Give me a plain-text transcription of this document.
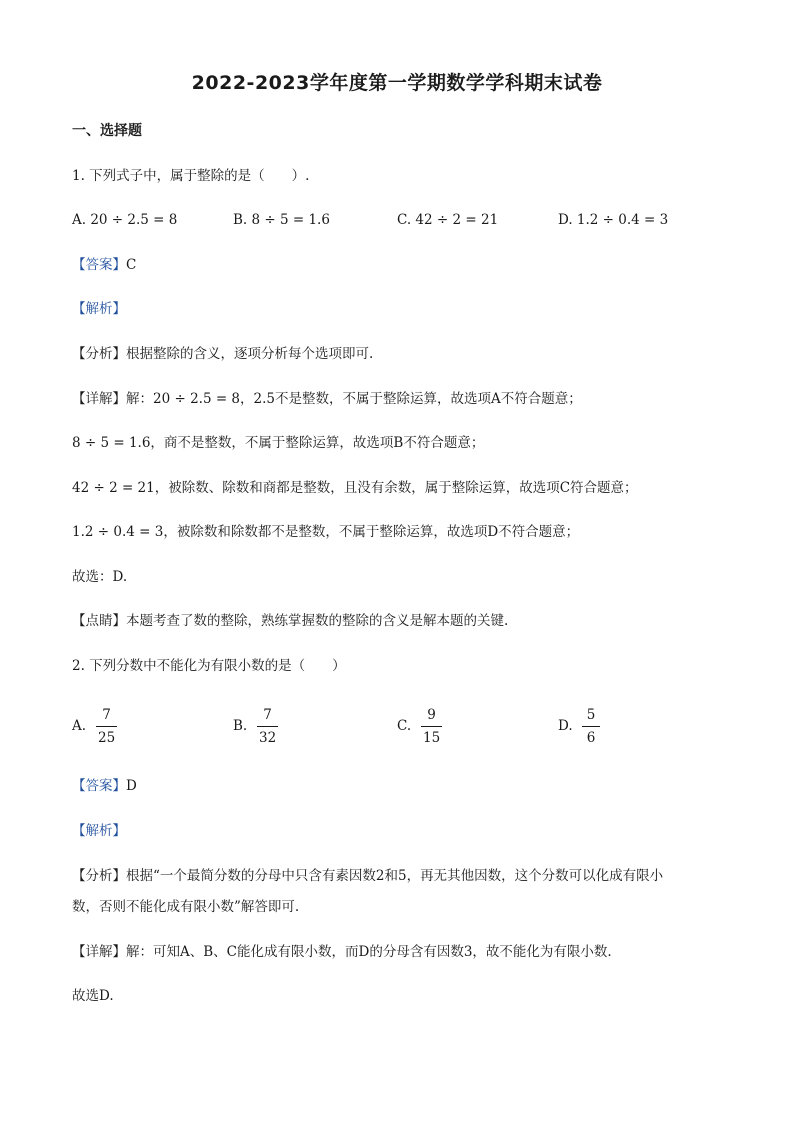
2022-2023学年度第一学期数学学科期末试卷
一、选择题
1. 下列式子中，属于整除的是（　　）.
A. 20 ÷ 2.5 = 8	B. 8 ÷ 5 = 1.6	C. 42 ÷ 2 = 21	D. 1.2 ÷ 0.4 = 3
【答案】C
【解析】
【分析】根据整除的含义，逐项分析每个选项即可.
【详解】解：20 ÷ 2.5 = 8，2.5不是整数，不属于整除运算，故选项A不符合题意；
8 ÷ 5 = 1.6，商不是整数，不属于整除运算，故选项B不符合题意；
42 ÷ 2 = 21，被除数、除数和商都是整数，且没有余数，属于整除运算，故选项C符合题意；
1.2 ÷ 0.4 = 3，被除数和除数都不是整数，不属于整除运算，故选项D不符合题意；
故选：D.
【点睛】本题考查了数的整除，熟练掌握数的整除的含义是解本题的关键.
2. 下列分数中不能化为有限小数的是（　　）
A.
7
25
B.
7
32
C.
9
15
D.
5
6
【答案】D
【解析】
【分析】根据“一个最简分数的分母中只含有素因数2和5，再无其他因数，这个分数可以化成有限小
数，否则不能化成有限小数”解答即可.
【详解】解：可知A、B、C能化成有限小数，而D的分母含有因数3，故不能化为有限小数.
故选D.
